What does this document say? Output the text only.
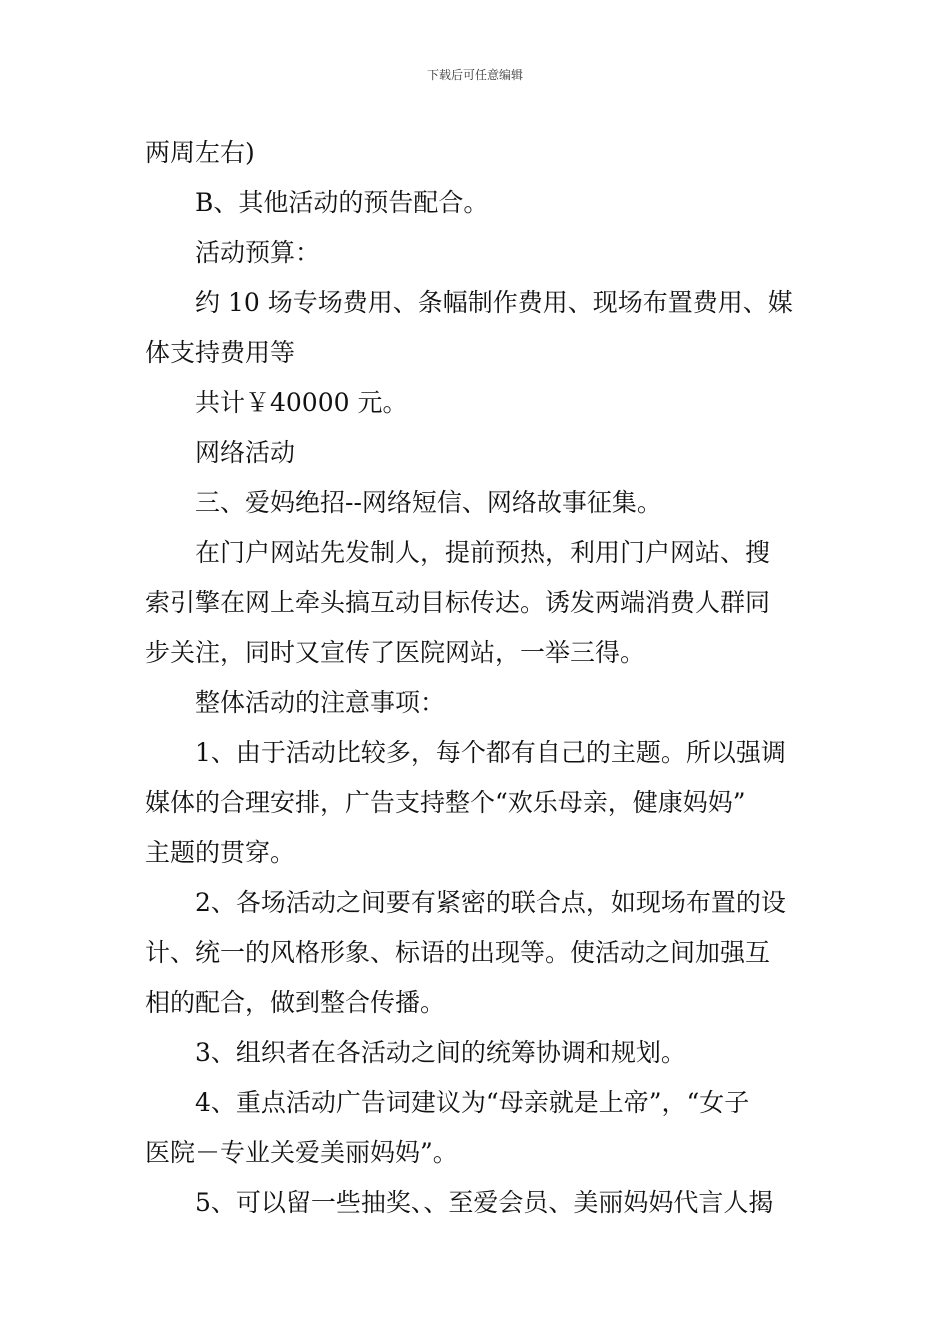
下载后可任意编辑

两周左右)

B、其他活动的预告配合。

活动预算：

约 10 场专场费用、条幅制作费用、现场布置费用、媒

体支持费用等

共计￥40000 元。

网络活动

三、爱妈绝招--网络短信、网络故事征集。

在门户网站先发制人，提前预热，利用门户网站、搜

索引擎在网上牵头搞互动目标传达。诱发两端消费人群同

步关注，同时又宣传了医院网站，一举三得。

整体活动的注意事项：

1、由于活动比较多，每个都有自己的主题。所以强调

媒体的合理安排，广告支持整个“欢乐母亲，健康妈妈”

主题的贯穿。

2、各场活动之间要有紧密的联合点，如现场布置的设

计、统一的风格形象、标语的出现等。使活动之间加强互

相的配合，做到整合传播。

3、组织者在各活动之间的统筹协调和规划。

4、重点活动广告词建议为“母亲就是上帝”，“女子

医院－专业关爱美丽妈妈”。

5、可以留一些抽奖、、至爱会员、美丽妈妈代言人揭
